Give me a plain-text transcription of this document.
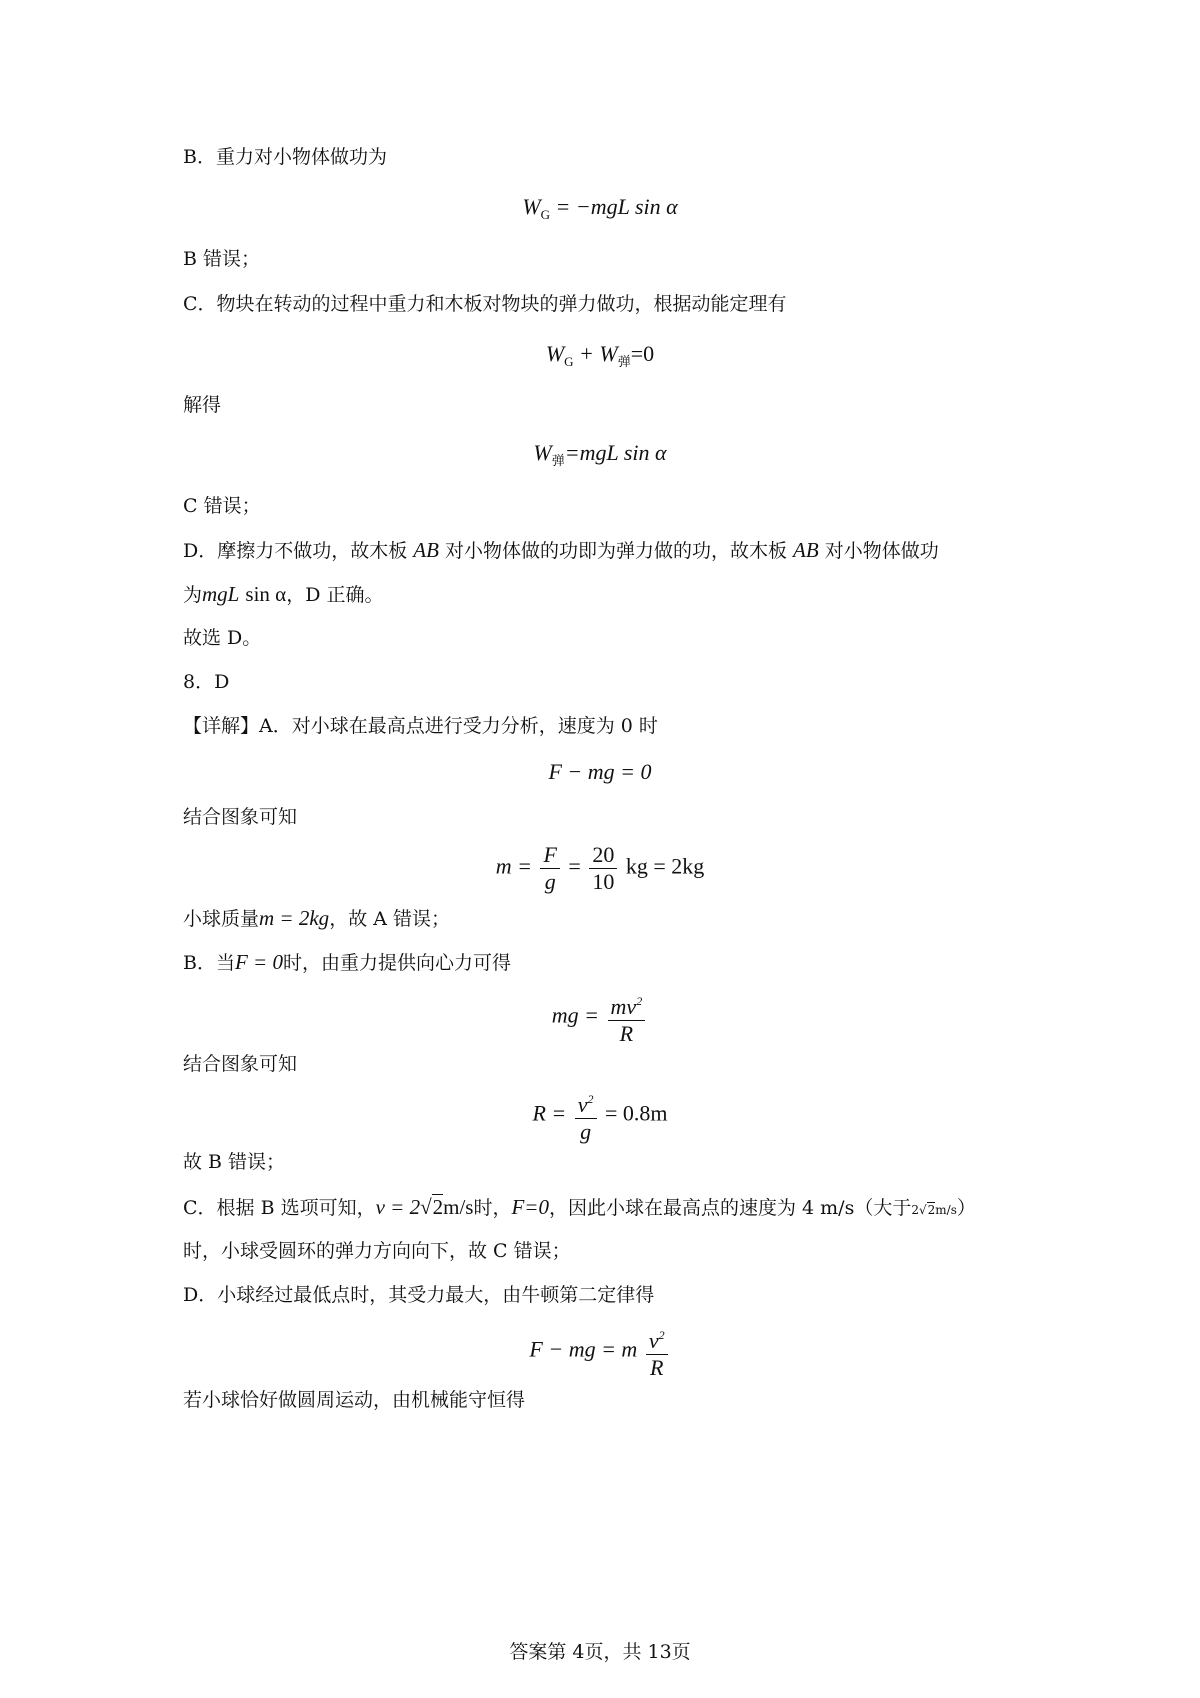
B．重力对小物体做功为
$W_G = -mgL$ sin α
B 错误；
C．物块在转动的过程中重力和木板对物块的弹力做功，根据动能定理有
$W_G + W_弹=0$
解得
$W_弹=mgL$ sin α
C 错误；
D．摩擦力不做功，故木板 AB 对小物体做的功即为弹力做的功，故木板 AB 对小物体做功
为mgL sin α，D 正确。
故选 D。
8．D
【详解】A．对小球在最高点进行受力分析，速度为 0 时
F − mg = 0
结合图象可知
$m = \frac{F}{g} = \frac{20}{10}$ kg = 2kg
小球质量m = 2kg，故 A 错误；
B．当F = 0时，由重力提供向心力可得
mg = $\frac{mv^2}{R}$
结合图象可知
$R = \frac{v^2}{g} = 0.8m$
故 B 错误；
C．根据 B 选项可知，v = 2√2m/s时，F=0，因此小球在最高点的速度为 4 m/s（大于2√2m/s）
时，小球受圆环的弹力方向向下，故 C 错误；
D．小球经过最低点时，其受力最大，由牛顿第二定律得
F − mg = m $\frac{v^2}{R}$
若小球恰好做圆周运动，由机械能守恒得
答案第 4页，共 13页
